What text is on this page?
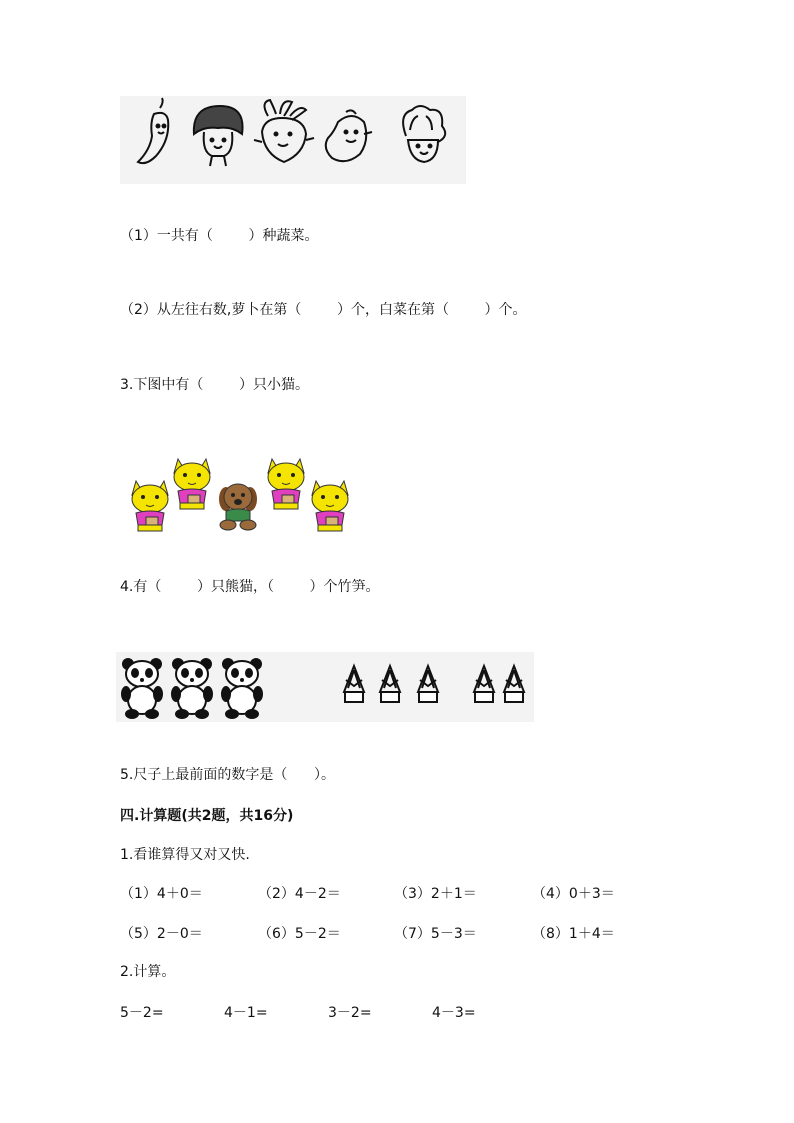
（1）一共有（        ）种蔬菜。
（2）从左往右数,萝卜在第（        ）个，白菜在第（        ）个。
3.下图中有（        ）只小猫。
4.有（        ）只熊猫，（        ）个竹笋。
5.尺子上最前面的数字是（      ）。
四.计算题(共2题，共16分)
1.看谁算得又对又快.
（1）4＋0＝	（2）4－2＝	（3）2＋1＝	（4）0＋3＝
（5）2－0＝	（6）5－2＝	（7）5－3＝	（8）1＋4＝
2.计算。
5－2=	4－1=	3－2=	4－3=
